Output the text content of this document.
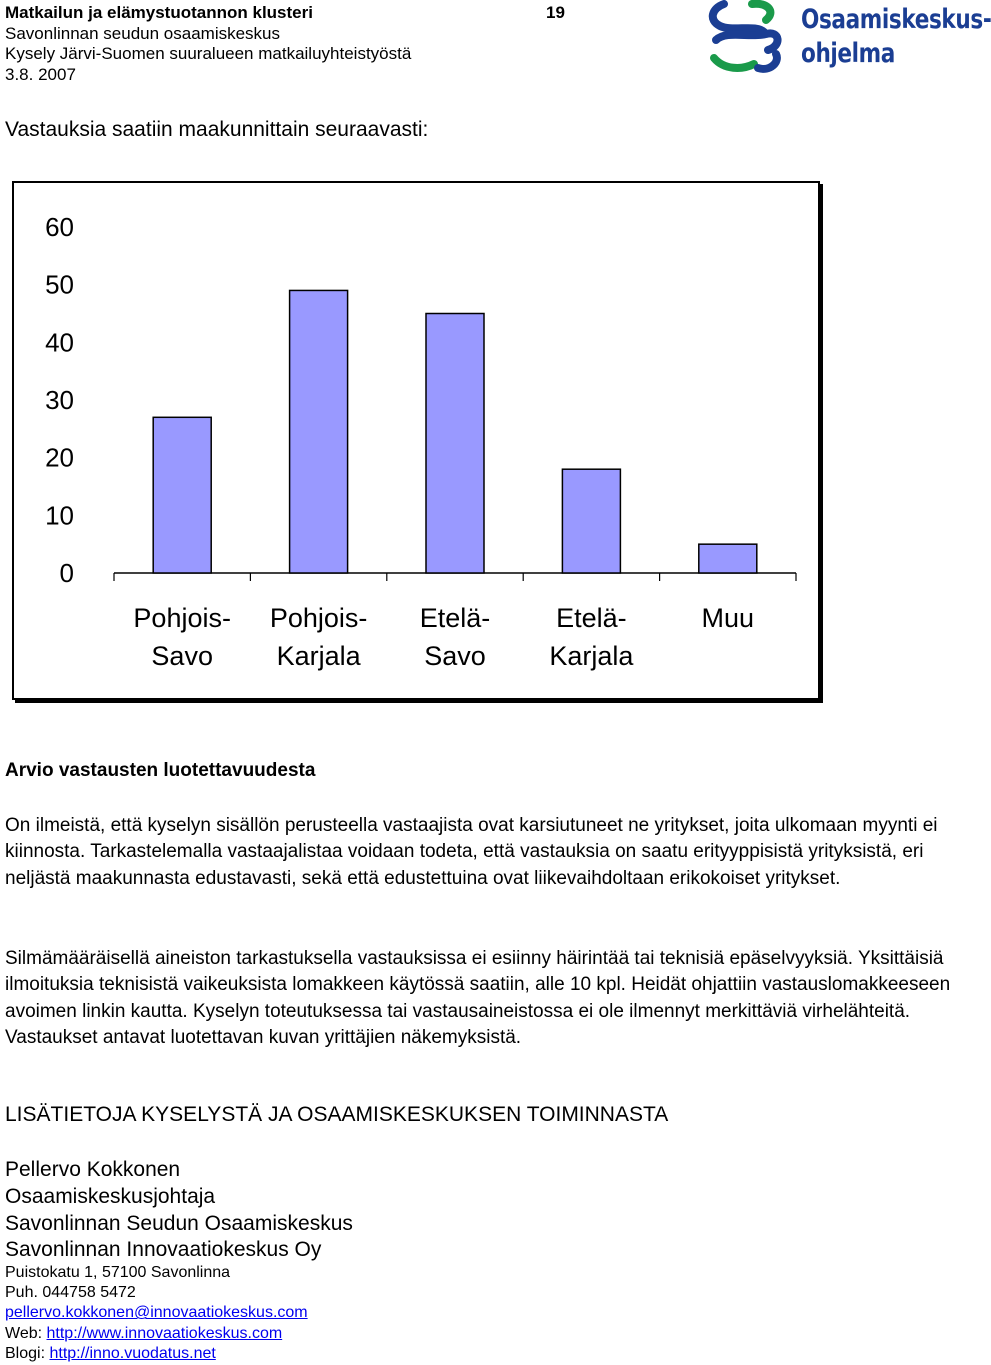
Matkailun ja elämystuotannon klusteri
Savonlinnan seudun osaamiskeskus
Kysely Järvi-Suomen suuralueen matkailuyhteistyöstä
3.8. 2007
19	Osaamiskeskus-
ohjelma
Vastauksia saatiin maakunnittain seuraavasti:
0
10
20
30
40
50
60
Pohjois-
Savo
Pohjois-
Karjala
Etelä-
Savo
Etelä-
Karjala
Muu
Arvio vastausten luotettavuudesta

On ilmeistä, että kyselyn sisällön perusteella vastaajista ovat karsiutuneet ne yritykset, joita ulkomaan myynti ei kiinnosta. Tarkastelemalla vastaajalistaa voidaan todeta, että vastauksia on saatu erityyppisistä yrityksistä, eri neljästä maakunnasta edustavasti, sekä että edustettuina ovat liikevaihdoltaan erikokoiset yritykset.

Silmämääräisellä aineiston tarkastuksella vastauksissa ei esiinny häirintää tai teknisiä epäselvyyksiä. Yksittäisiä ilmoituksia teknisistä vaikeuksista lomakkeen käytössä saatiin, alle 10 kpl. Heidät ohjattiin vastauslomakkeeseen avoimen linkin kautta. Kyselyn toteutuksessa tai vastausaineistossa ei ole ilmennyt merkittäviä virhelähteitä. Vastaukset antavat luotettavan kuvan yrittäjien näkemyksistä.

LISÄTIETOJA KYSELYSTÄ JA OSAAMISKESKUKSEN TOIMINNASTA
Pellervo Kokkonen
Osaamiskeskusjohtaja
Savonlinnan Seudun Osaamiskeskus
Savonlinnan Innovaatiokeskus Oy
Puistokatu 1, 57100 Savonlinna
Puh. 044758 5472
pellervo.kokkonen@innovaatiokeskus.com
Web: http://www.innovaatiokeskus.com
Blogi: http://inno.vuodatus.net
